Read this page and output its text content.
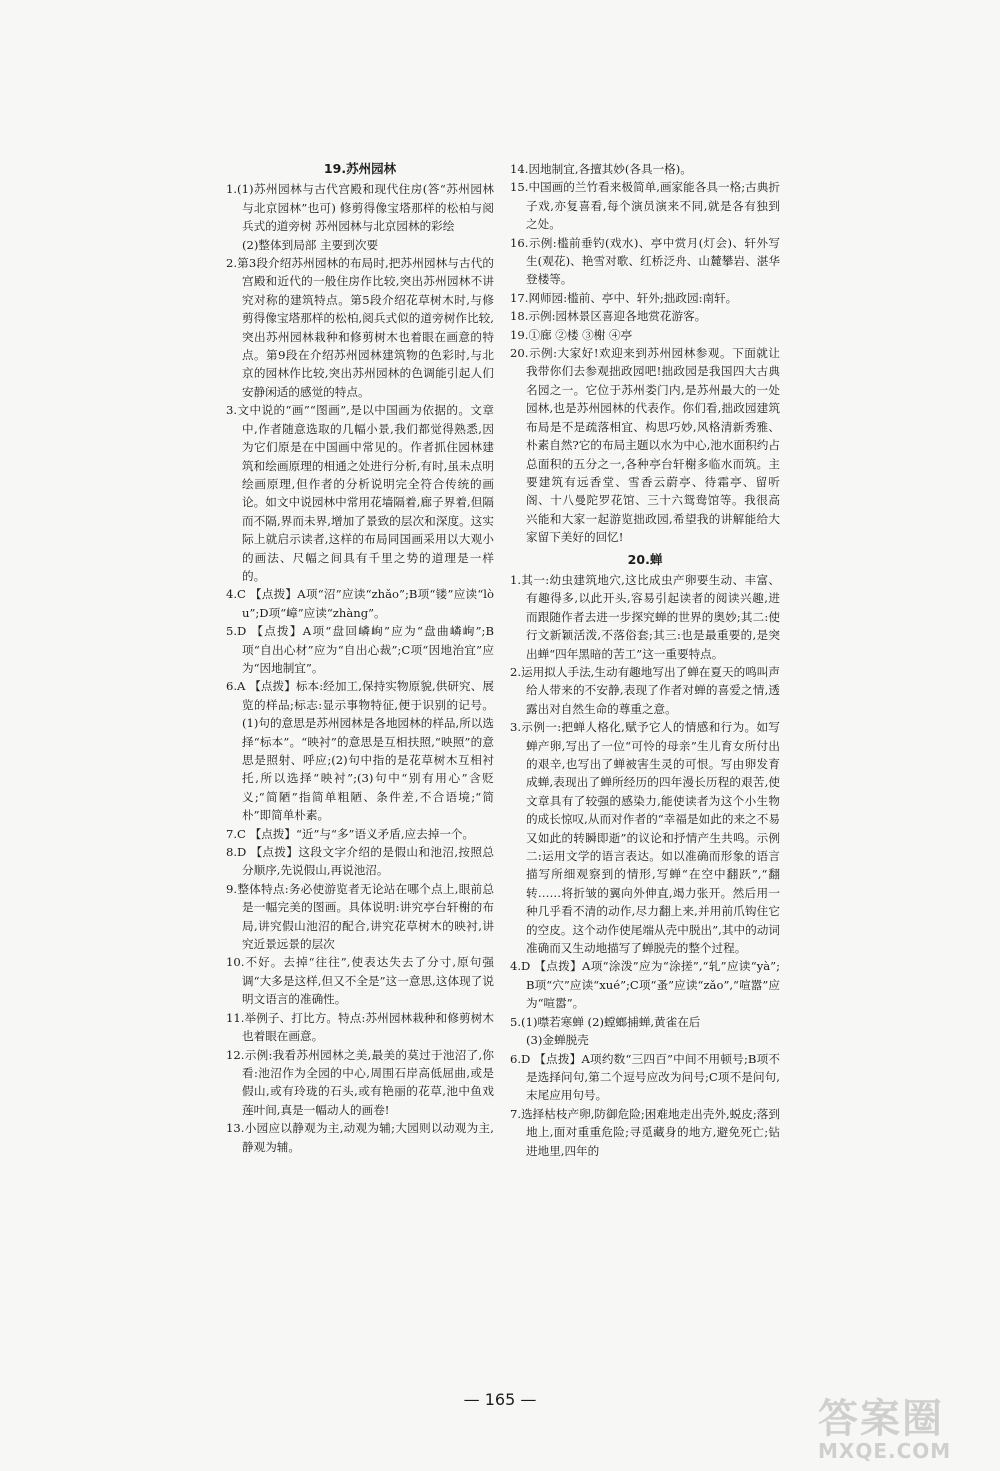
19.苏州园林

1.(1)苏州园林与古代宫殿和现代住房(答“苏州园林与北京园林”也可) 修剪得像宝塔那样的松柏与阅兵式的道旁树 苏州园林与北京园林的彩绘

(2)整体到局部 主要到次要

2.第3段介绍苏州园林的布局时,把苏州园林与古代的宫殿和近代的一般住房作比较,突出苏州园林不讲究对称的建筑特点。第5段介绍花草树木时,与修剪得像宝塔那样的松柏,阅兵式似的道旁树作比较,突出苏州园林栽种和修剪树木也着眼在画意的特点。第9段在介绍苏州园林建筑物的色彩时,与北京的园林作比较,突出苏州园林的色调能引起人们安静闲适的感觉的特点。

3.文中说的“画”“图画”,是以中国画为依据的。文章中,作者随意选取的几幅小景,我们都觉得熟悉,因为它们原是在中国画中常见的。作者抓住园林建筑和绘画原理的相通之处进行分析,有时,虽未点明绘画原理,但作者的分析说明完全符合传统的画论。如文中说园林中常用花墙隔着,廊子界着,但隔而不隔,界而未界,增加了景致的层次和深度。这实际上就启示读者,这样的布局同国画采用以大观小的画法、尺幅之间具有千里之势的道理是一样的。

4.C 【点拨】A项“沼”应读“zhǎo”;B项“镂”应读“lòu”;D项“嶂”应读“zhàng”。

5.D 【点拨】A项“盘回嶙峋”应为“盘曲嶙峋”;B项“自出心材”应为“自出心裁”;C项“因地治宜”应为“因地制宜”。

6.A 【点拨】标本:经加工,保持实物原貌,供研究、展览的样品;标志:显示事物特征,便于识别的记号。(1)句的意思是苏州园林是各地园林的样品,所以选择“标本”。“映衬”的意思是互相扶照,“映照”的意思是照射、呼应;(2)句中指的是花草树木互相衬托,所以选择“映衬”;(3)句中“别有用心”含贬义;“简陋”指简单粗陋、条件差,不合语境;“简朴”即简单朴素。

7.C 【点拨】“近”与“多”语义矛盾,应去掉一个。

8.D 【点拨】这段文字介绍的是假山和池沼,按照总分顺序,先说假山,再说池沼。

9.整体特点:务必使游览者无论站在哪个点上,眼前总是一幅完美的图画。具体说明:讲究亭台轩榭的布局,讲究假山池沼的配合,讲究花草树木的映衬,讲究近景远景的层次

10.不好。去掉“往往”,使表达失去了分寸,原句强调“大多是这样,但又不全是”这一意思,这体现了说明文语言的准确性。

11.举例子、打比方。特点:苏州园林栽种和修剪树木也着眼在画意。

12.示例:我看苏州园林之美,最美的莫过于池沼了,你看:池沼作为全园的中心,周围石岸高低屈曲,或是假山,或有玲珑的石头,或有艳丽的花草,池中鱼戏莲叶间,真是一幅动人的画卷!

13.小园应以静观为主,动观为辅;大园则以动观为主,静观为辅。

14.因地制宜,各擅其妙(各具一格)。

15.中国画的兰竹看来极简单,画家能各具一格;古典折子戏,亦复喜看,每个演员演来不同,就是各有独到之处。

16.示例:槛前垂钓(戏水)、亭中赏月(灯会)、轩外写生(观花)、艳雪对歌、红桥泛舟、山麓攀岩、湛华登楼等。

17.网师园:槛前、亭中、轩外;拙政园:南轩。

18.示例:园林景区喜迎各地赏花游客。

19.①廊 ②楼 ③榭 ④亭

20.示例:大家好!欢迎来到苏州园林参观。下面就让我带你们去参观拙政园吧!拙政园是我国四大古典名园之一。它位于苏州娄门内,是苏州最大的一处园林,也是苏州园林的代表作。你们看,拙政园建筑布局是不是疏落相宜、构思巧妙,风格清新秀雅、朴素自然?它的布局主题以水为中心,池水面积约占总面积的五分之一,各种亭台轩榭多临水而筑。主要建筑有远香堂、雪香云蔚亭、待霜亭、留听阁、十八曼陀罗花馆、三十六鸳鸯馆等。我很高兴能和大家一起游览拙政园,希望我的讲解能给大家留下美好的回忆!

20.蝉

1.其一:幼虫建筑地穴,这比成虫产卵要生动、丰富、有趣得多,以此开头,容易引起读者的阅读兴趣,进而跟随作者去进一步探究蝉的世界的奥妙;其二:使行文新颖活泼,不落俗套;其三:也是最重要的,是突出蝉“四年黑暗的苦工”这一重要特点。

2.运用拟人手法,生动有趣地写出了蝉在夏天的鸣叫声给人带来的不安静,表现了作者对蝉的喜爱之情,透露出对自然生命的尊重之意。

3.示例一:把蝉人格化,赋予它人的情感和行为。如写蝉产卵,写出了一位“可怜的母亲”生儿育女所付出的艰辛,也写出了蝉被害生灵的可恨。写由卵发育成蝉,表现出了蝉所经历的四年漫长历程的艰苦,使文章具有了较强的感染力,能使读者为这个小生物的成长惊叹,从而对作者的“幸福是如此的来之不易又如此的转瞬即逝”的议论和抒情产生共鸣。示例二:运用文学的语言表达。如以准确而形象的语言描写所细观察到的情形,写蝉“在空中翻跃”,“翻转……将折皱的翼向外伸直,竭力张开。然后用一种几乎看不清的动作,尽力翻上来,并用前爪钩住它的空皮。这个动作使尾端从壳中脱出”,其中的动词准确而又生动地描写了蝉脱壳的整个过程。

4.D 【点拨】A项“涂泼”应为“涂搓”,“轧”应读“yà”;B项“穴”应读“xué”;C项“蚤”应读“zǎo”,“喧嚣”应为“喧嚣”。

5.(1)噤若寒蝉 (2)螳螂捕蝉,黄雀在后

(3)金蝉脱壳

6.D 【点拨】A项约数“三四百”中间不用顿号;B项不是选择问句,第二个逗号应改为问号;C项不是问句,末尾应用句号。

7.选择枯枝产卵,防御危险;困难地走出壳外,蜕皮;落到地上,面对重重危险;寻觅藏身的地方,避免死亡;钻进地里,四年的

— 165 —	答案圈
MXQE.COM
